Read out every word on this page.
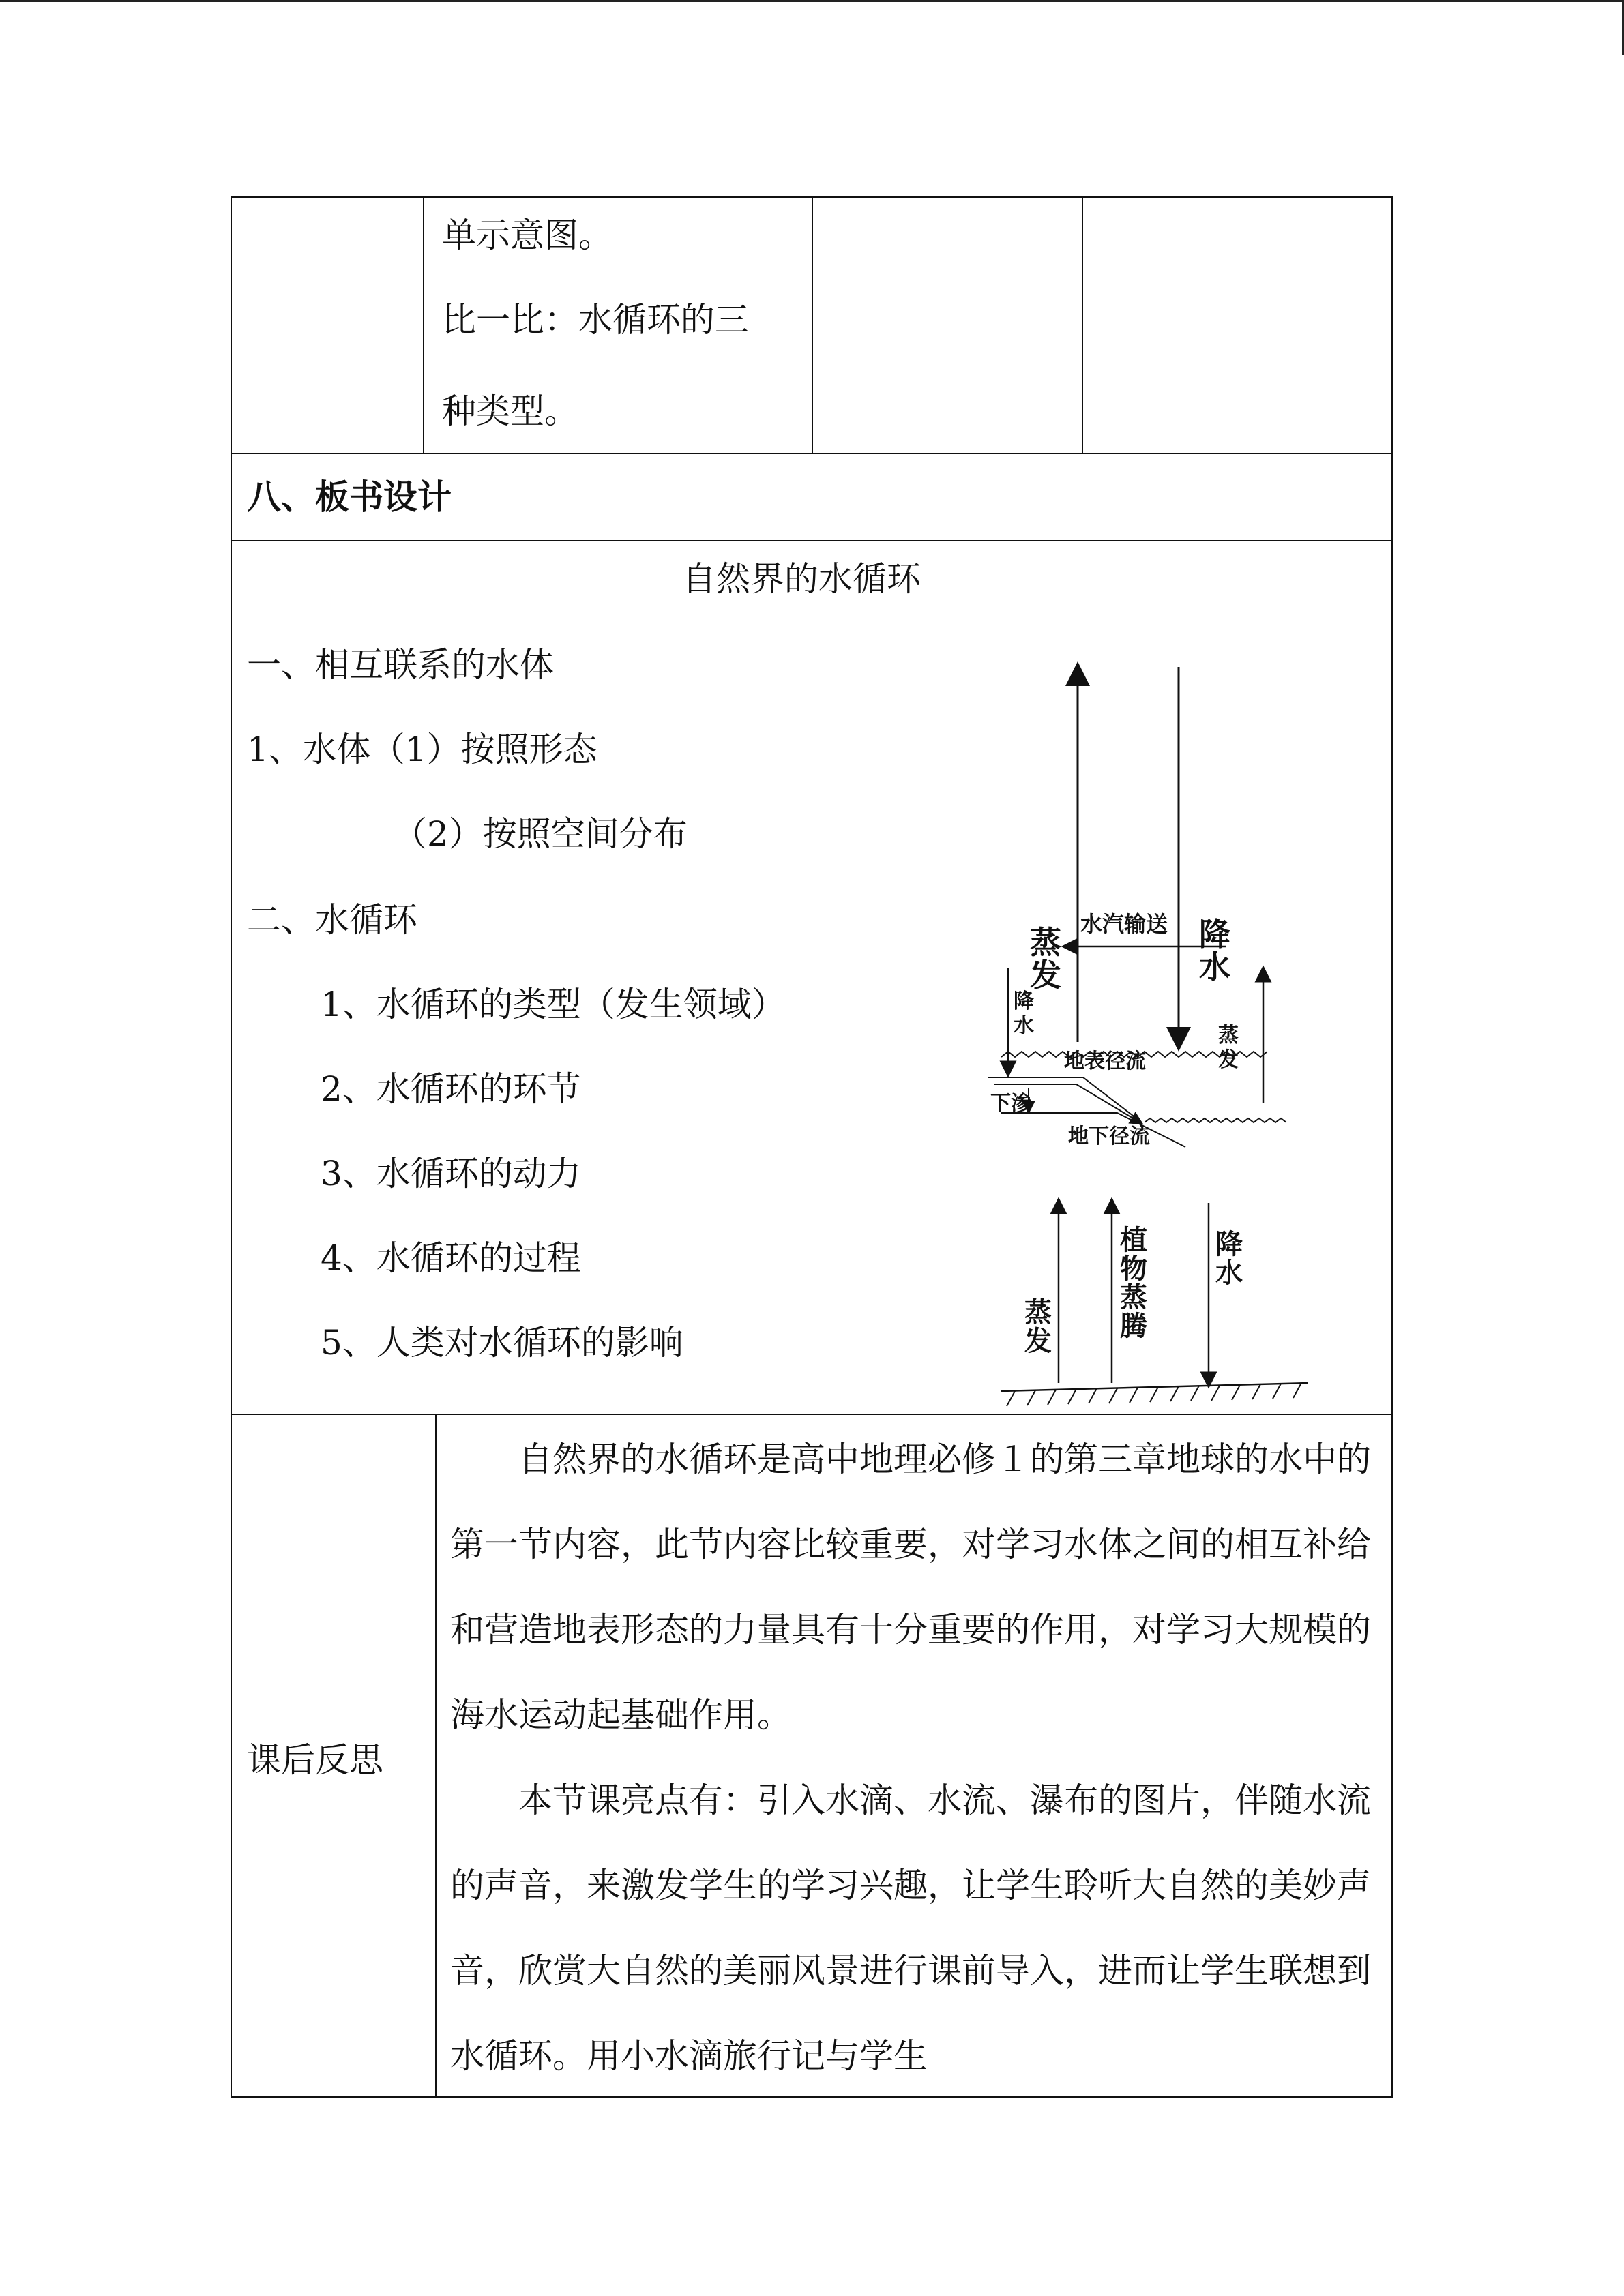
单示意图。
比一比：水循环的三
种类型。
八、板书设计
自然界的水循环
一、相互联系的水体
1、水体（1）按照形态
（2）按照空间分布
二、水循环
1、水循环的类型（发生领域）
2、水循环的环节
3、水循环的动力
4、水循环的过程
5、人类对水循环的影响
蒸
发
降
水
水汽输送
降
水	蒸
发
地表径流
下渗
地下径流
蒸
发
植
物
蒸
腾
降
水
课后反思

自然界的水循环是高中地理必修１的第三章地球的水中的第一节内容，此节内容比较重要，对学习水体之间的相互补给和营造地表形态的力量具有十分重要的作用，对学习大规模的海水运动起基础作用。

本节课亮点有：引入水滴、水流、瀑布的图片，伴随水流的声音，来激发学生的学习兴趣，让学生聆听大自然的美妙声音，欣赏大自然的美丽风景进行课前导入，进而让学生联想到水循环。用小水滴旅行记与学生
